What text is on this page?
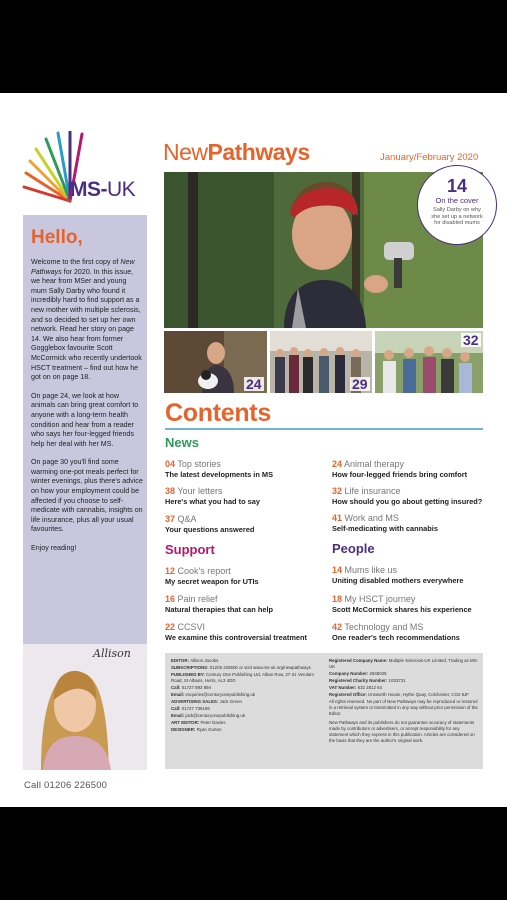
MS-UK
Hello,

Welcome to the first copy of New Pathways for 2020. In this issue, we hear from MSer and young mum Sally Darby who found it incredibly hard to find support as a new mother with multiple sclerosis, and so decided to set up her own network. Read her story on page 14. We also hear from former Gogglebox favourite Scott McCormick who recently undertook HSCT treatment – find out how he got on on page 18.

On page 24, we look at how animals can bring great comfort to anyone with a long-term health condition and hear from a reader who says her four-legged friends help her deal with her MS.

On page 30 you'll find some warming one-pot meals perfect for winter evenings, plus there's advice on how your employment could be affected if you choose to self-medicate with cannabis, insights on life insurance, plus all your usual favourites.

Enjoy reading!

Allison
Call 01206 226500
NewPathways	January/February 2020
14
On the cover
Sally Darby on why she set up a network for disabled mums
24	29
32
Contents
News
Support	People
04 Top stories
The latest developments in MS
38 Your letters
Here's what you had to say
37 Q&A
Your questions answered
24 Animal therapy
How four-legged friends bring comfort
32 Life insurance
How should you go about getting insured?
41 Work and MS
Self-medicating with cannabis
12 Cook's report
My secret weapon for UTIs
16 Pain relief
Natural therapies that can help
22 CCSVI
We examine this controversial treatment
14 Mums like us
Uniting disabled mothers everywhere
18 My HSCT journey
Scott McCormick shares his experience
42 Technology and MS
One reader's tech recommendations
EDITOR: Allison Jacobs
SUBSCRIPTIONS: 01206 226500 or visit www.ms-uk.org/newpathways
PUBLISHED BY: Century One Publishing Ltd, Alban Row, 27-31 Verulam Road, St Albans, Herts, AL3 4DG
Call: 01727 893 894
Email: enquiries@centuryonepublishing.uk
ADVERTISING SALES: Jack Green
Call: 01727 739196
Email: jack@centuryonepublishing.uk
ART EDITOR: Peter Davies
DESIGNER: Ryan Gurton
Registered Company Name: Multiple Sclerosis-UK Limited, Trading as MS-UK
Company Number: 2845025
Registered Charity Number: 1033731
VAT Number: 632 2812 64
Registered Office: Unsworth House, Hythe Quay, Colchester, CO2 8JF
All rights reserved. No part of New Pathways may be reproduced or restored in a retrieval system or transmitted in any way without prior permission of the Editor.
New Pathways and its publishers do not guarantee accuracy of statements made by contributors or advertisers, or accept responsibility for any statement which they express in this publication. Articles are considered on the basis that they are the author's original work.
